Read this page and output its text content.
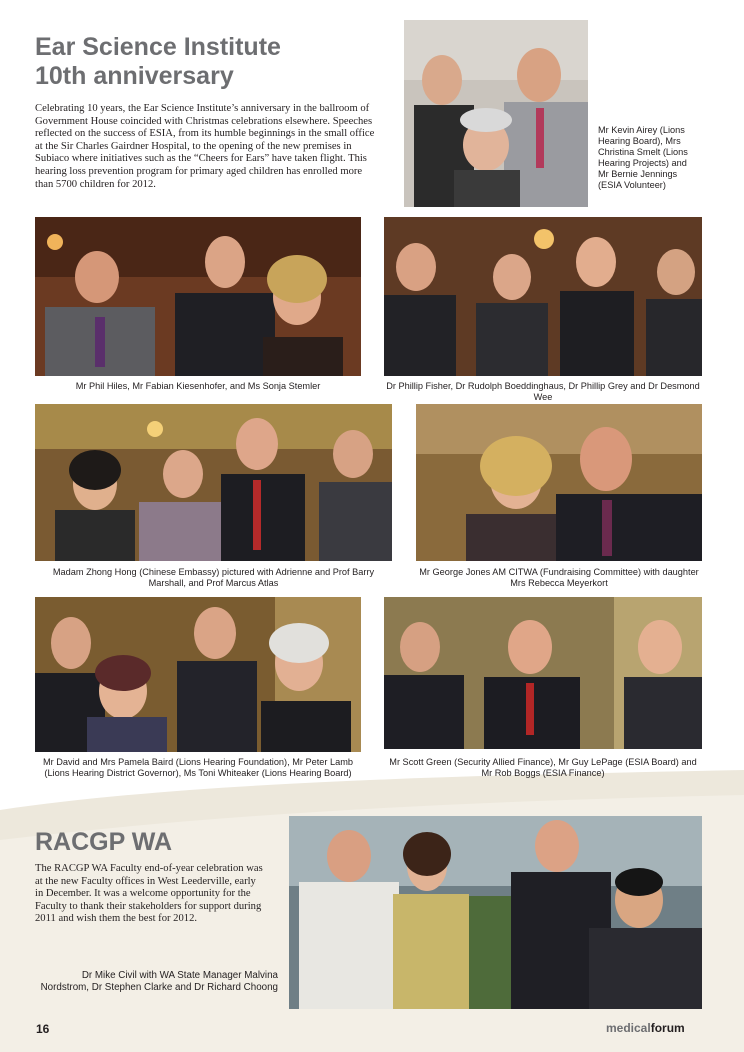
Ear Science Institute
10th anniversary
Celebrating 10 years, the Ear Science Institute’s anniversary in the ballroom of Government House coincided with Christmas celebrations elsewhere. Speeches reflected on the success of ESIA, from its humble beginnings in the small office at the Sir Charles Gairdner Hospital, to the opening of the new premises in Subiaco where initiatives such as the “Cheers for Ears” have taken flight. This hearing loss prevention program for primary aged children has enrolled more than 5700 children for 2012.
Mr Kevin Airey (Lions Hearing Board), Mrs Christina Smelt (Lions Hearing Projects) and Mr Bernie Jennings (ESIA Volunteer)
Mr Phil Hiles, Mr Fabian Kiesenhofer, and Ms Sonja Stemler	Dr Phillip Fisher, Dr Rudolph Boeddinghaus, Dr Phillip Grey and Dr Desmond Wee
Madam Zhong Hong (Chinese Embassy) pictured with Adrienne and Prof Barry Marshall, and Prof Marcus Atlas
Mr George Jones AM CITWA (Fundraising Committee) with daughter Mrs Rebecca Meyerkort
Mr David and Mrs Pamela Baird (Lions Hearing Foundation), Mr Peter Lamb (Lions Hearing District Governor), Ms Toni Whiteaker (Lions Hearing Board)
Mr Scott Green (Security Allied Finance), Mr Guy LePage (ESIA Board) and Mr Rob Boggs (ESIA Finance)
RACGP WA
The RACGP WA Faculty end-of-year celebration was at the new Faculty offices in West Leederville, early in December. It was a welcome opportunity for the Faculty to thank their stakeholders for support during 2011 and wish them the best for 2012.
Dr Mike Civil with WA State Manager Malvina Nordstrom, Dr Stephen Clarke and Dr Richard Choong
16	medicalforum
